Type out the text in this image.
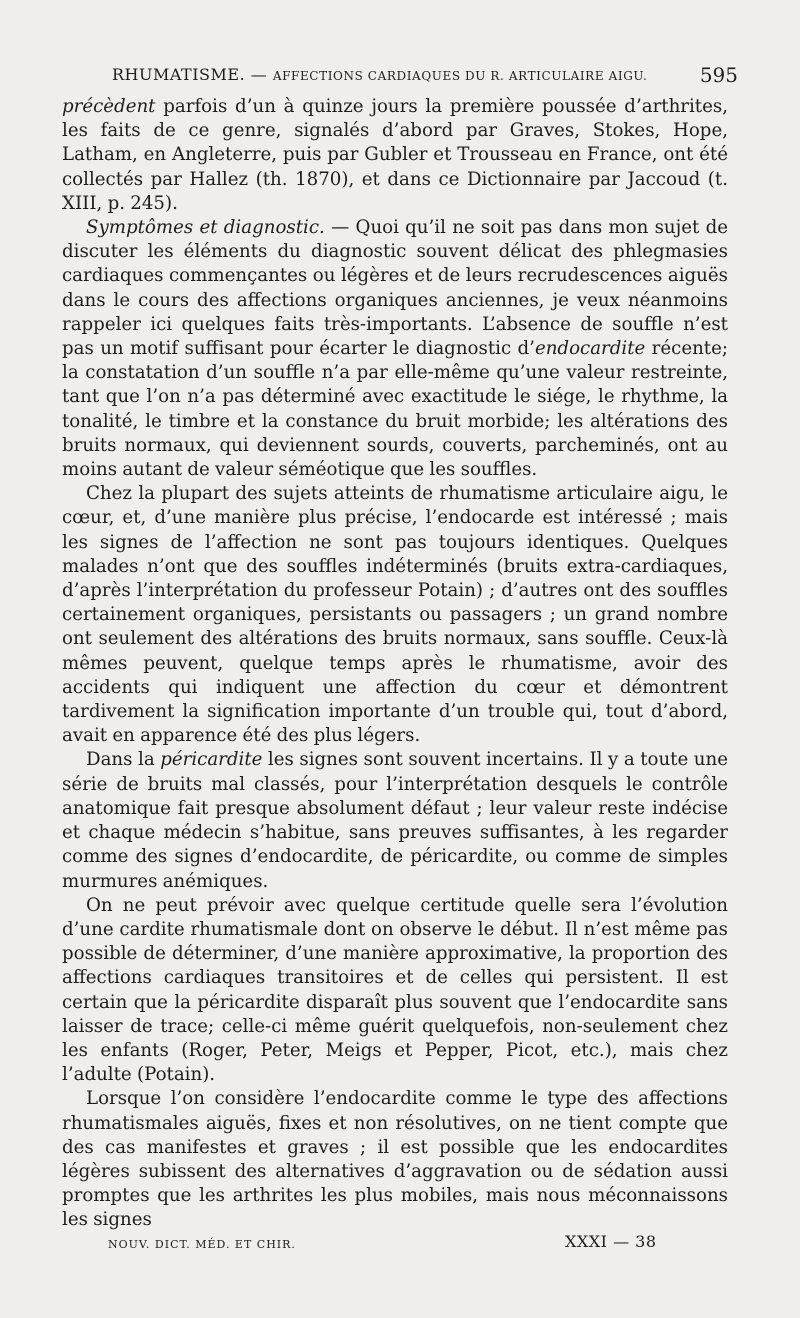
RHUMATISME. — AFFECTIONS CARDIAQUES DU R. ARTICULAIRE AIGU.	595

précèdent parfois d’un à quinze jours la première poussée d’arthrites, les faits de ce genre, signalés d’abord par Graves, Stokes, Hope, Latham, en Angleterre, puis par Gubler et Trousseau en France, ont été collectés par Hallez (th. 1870), et dans ce Dictionnaire par Jaccoud (t. XIII, p. 245).

Symptômes et diagnostic. — Quoi qu’il ne soit pas dans mon sujet de discuter les éléments du diagnostic souvent délicat des phlegmasies cardiaques commençantes ou légères et de leurs recrudescences aiguës dans le cours des affections organiques anciennes, je veux néanmoins rappeler ici quelques faits très-importants. L’absence de souffle n’est pas un motif suffisant pour écarter le diagnostic d’endocardite récente; la constatation d’un souffle n’a par elle-même qu’une valeur restreinte, tant que l’on n’a pas déterminé avec exactitude le siége, le rhythme, la tonalité, le timbre et la constance du bruit morbide; les altérations des bruits normaux, qui deviennent sourds, couverts, parcheminés, ont au moins autant de valeur séméotique que les souffles.

Chez la plupart des sujets atteints de rhumatisme articulaire aigu, le cœur, et, d’une manière plus précise, l’endocarde est intéressé ; mais les signes de l’affection ne sont pas toujours identiques. Quelques malades n’ont que des souffles indéterminés (bruits extra-cardiaques, d’après l’interprétation du professeur Potain) ; d’autres ont des souffles certainement organiques, persistants ou passagers ; un grand nombre ont seulement des altérations des bruits normaux, sans souffle. Ceux-là mêmes peuvent, quelque temps après le rhumatisme, avoir des accidents qui indiquent une affection du cœur et démontrent tardivement la signification importante d’un trouble qui, tout d’abord, avait en apparence été des plus légers.

Dans la péricardite les signes sont souvent incertains. Il y a toute une série de bruits mal classés, pour l’interprétation desquels le contrôle anatomique fait presque absolument défaut ; leur valeur reste indécise et chaque médecin s’habitue, sans preuves suffisantes, à les regarder comme des signes d’endocardite, de péricardite, ou comme de simples murmures anémiques.

On ne peut prévoir avec quelque certitude quelle sera l’évolution d’une cardite rhumatismale dont on observe le début. Il n’est même pas possible de déterminer, d’une manière approximative, la proportion des affections cardiaques transitoires et de celles qui persistent. Il est certain que la péricardite disparaît plus souvent que l’endocardite sans laisser de trace; celle-ci même guérit quelquefois, non-seulement chez les enfants (Roger, Peter, Meigs et Pepper, Picot, etc.), mais chez l’adulte (Potain).

Lorsque l’on considère l’endocardite comme le type des affections rhumatismales aiguës, fixes et non résolutives, on ne tient compte que des cas manifestes et graves ; il est possible que les endocardites légères subissent des alternatives d’aggravation ou de sédation aussi promptes que les arthrites les plus mobiles, mais nous méconnaissons les signes

NOUV. DICT. MÉD. ET CHIR.	XXXI — 38
